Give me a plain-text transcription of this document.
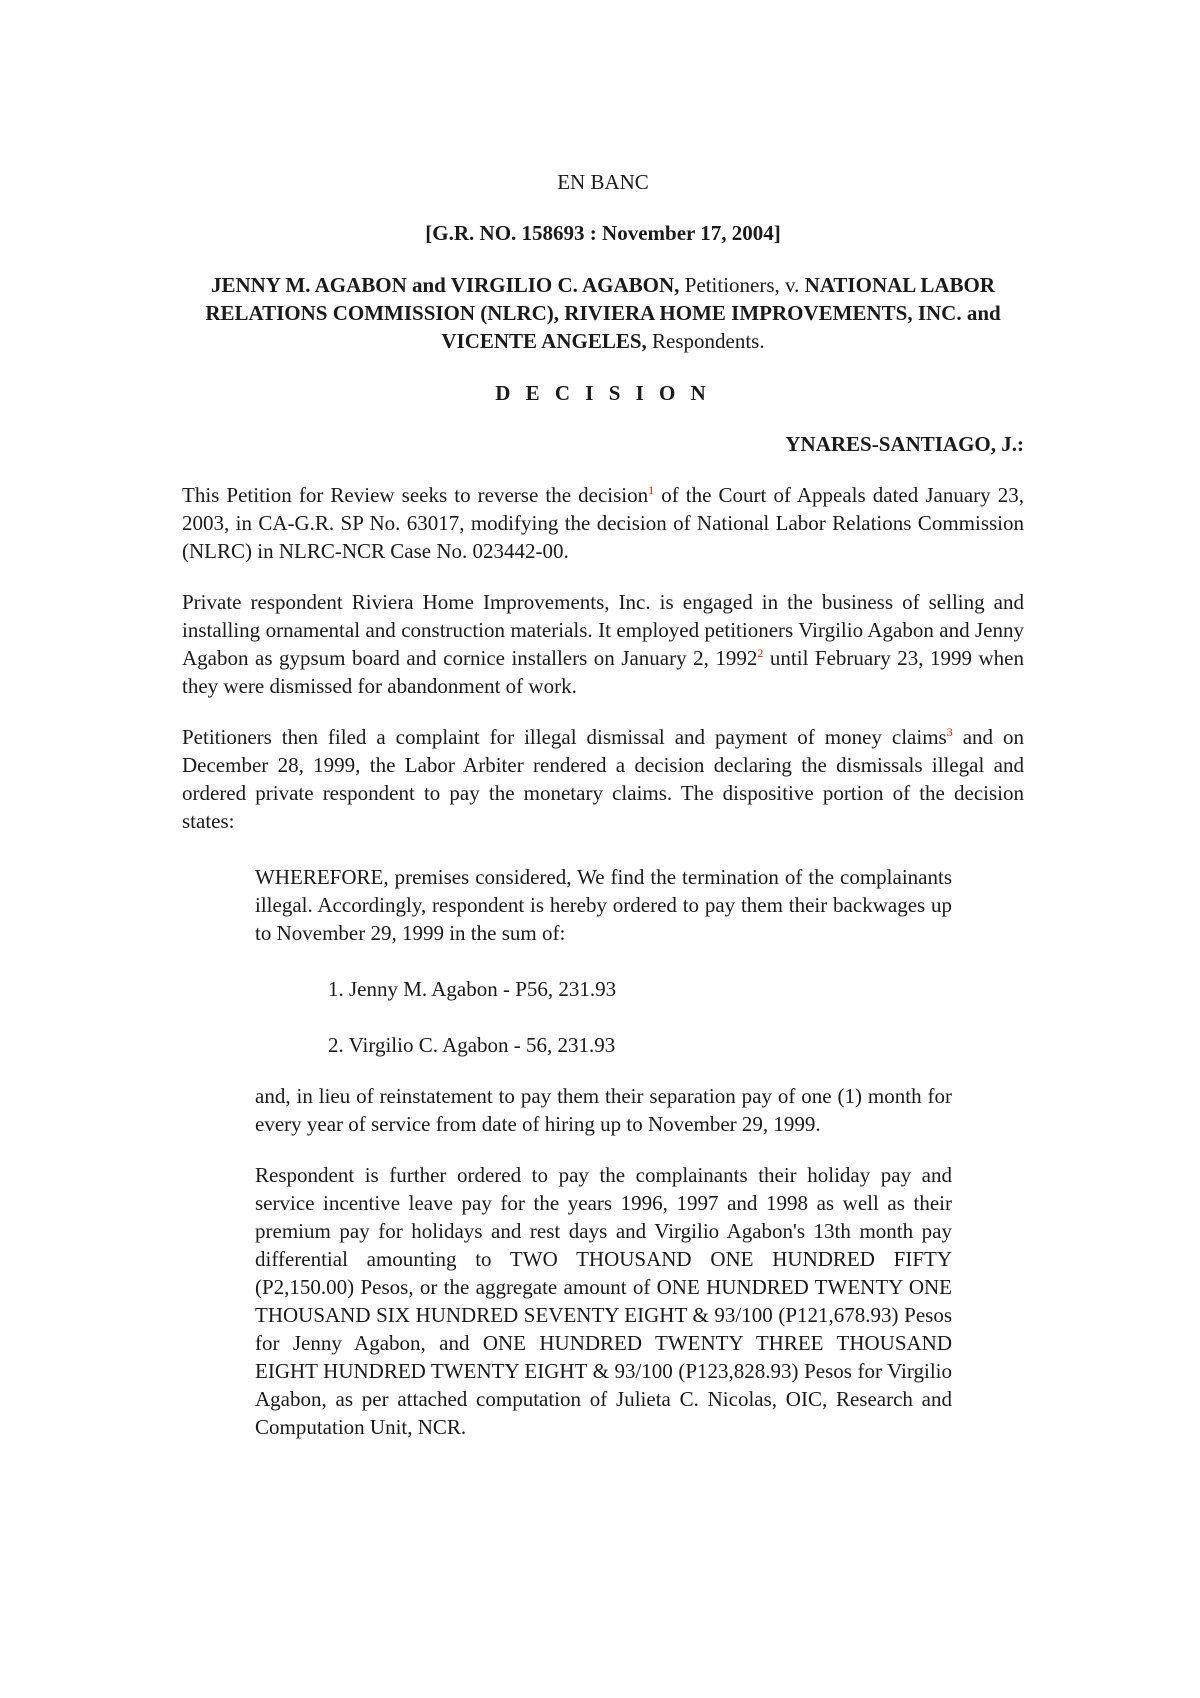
EN BANC
[G.R. NO. 158693 : November 17, 2004]
JENNY M. AGABON and VIRGILIO C. AGABON, Petitioners, v. NATIONAL LABOR RELATIONS COMMISSION (NLRC), RIVIERA HOME IMPROVEMENTS, INC. and VICENTE ANGELES, Respondents.
D E C I S I O N
YNARES-SANTIAGO, J.:

This Petition for Review seeks to reverse the decision$^1$ of the Court of Appeals dated January 23, 2003, in CA-G.R. SP No. 63017, modifying the decision of National Labor Relations Commission (NLRC) in NLRC-NCR Case No. 023442-00.

Private respondent Riviera Home Improvements, Inc. is engaged in the business of selling and installing ornamental and construction materials. It employed petitioners Virgilio Agabon and Jenny Agabon as gypsum board and cornice installers on January 2, 1992$^2$ until February 23, 1999 when they were dismissed for abandonment of work.

Petitioners then filed a complaint for illegal dismissal and payment of money claims$^3$ and on December 28, 1999, the Labor Arbiter rendered a decision declaring the dismissals illegal and ordered private respondent to pay the monetary claims. The dispositive portion of the decision states:

WHEREFORE, premises considered, We find the termination of the complainants illegal. Accordingly, respondent is hereby ordered to pay them their backwages up to November 29, 1999 in the sum of:

1. Jenny M. Agabon - P56, 231.93
2. Virgilio C. Agabon - 56, 231.93

and, in lieu of reinstatement to pay them their separation pay of one (1) month for every year of service from date of hiring up to November 29, 1999.

Respondent is further ordered to pay the complainants their holiday pay and service incentive leave pay for the years 1996, 1997 and 1998 as well as their premium pay for holidays and rest days and Virgilio Agabon's 13th month pay differential amounting to TWO THOUSAND ONE HUNDRED FIFTY (P2,150.00) Pesos, or the aggregate amount of ONE HUNDRED TWENTY ONE THOUSAND SIX HUNDRED SEVENTY EIGHT & 93/100 (P121,678.93) Pesos for Jenny Agabon, and ONE HUNDRED TWENTY THREE THOUSAND EIGHT HUNDRED TWENTY EIGHT & 93/100 (P123,828.93) Pesos for Virgilio Agabon, as per attached computation of Julieta C. Nicolas, OIC, Research and Computation Unit, NCR.
